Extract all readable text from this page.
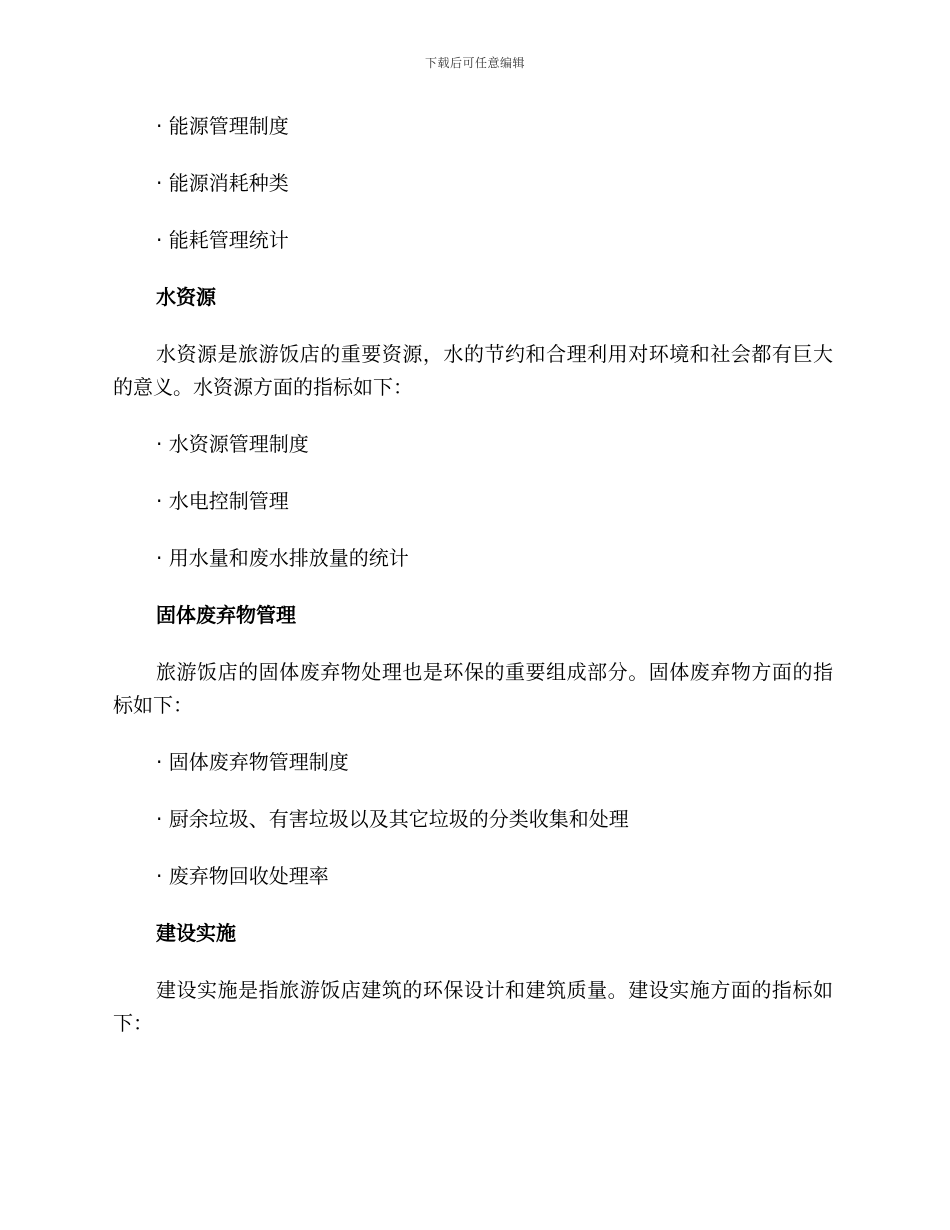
下载后可任意编辑

· 能源管理制度

· 能源消耗种类

· 能耗管理统计

水资源

水资源是旅游饭店的重要资源，水的节约和合理利用对环境和社会都有巨大的意义。水资源方面的指标如下：

· 水资源管理制度

· 水电控制管理

· 用水量和废水排放量的统计

固体废弃物管理

旅游饭店的固体废弃物处理也是环保的重要组成部分。固体废弃物方面的指标如下：

· 固体废弃物管理制度

· 厨余垃圾、有害垃圾以及其它垃圾的分类收集和处理

· 废弃物回收处理率

建设实施

建设实施是指旅游饭店建筑的环保设计和建筑质量。建设实施方面的指标如下：
